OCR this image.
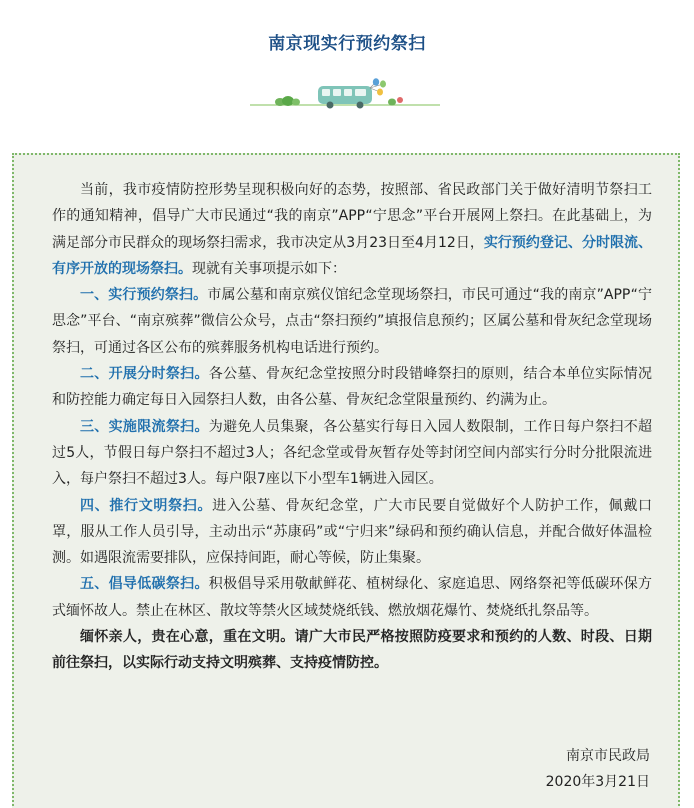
南京现实行预约祭扫

当前，我市疫情防控形势呈现积极向好的态势，按照部、省民政部门关于做好清明节祭扫工作的通知精神，倡导广大市民通过“我的南京”APP“宁思念”平台开展网上祭扫。在此基础上，为满足部分市民群众的现场祭扫需求，我市决定从3月23日至4月12日，实行预约登记、分时限流、有序开放的现场祭扫。现就有关事项提示如下：

一、实行预约祭扫。市属公墓和南京殡仪馆纪念堂现场祭扫，市民可通过“我的南京”APP“宁思念”平台、“南京殡葬”微信公众号，点击“祭扫预约”填报信息预约；区属公墓和骨灰纪念堂现场祭扫，可通过各区公布的殡葬服务机构电话进行预约。

二、开展分时祭扫。各公墓、骨灰纪念堂按照分时段错峰祭扫的原则，结合本单位实际情况和防控能力确定每日入园祭扫人数，由各公墓、骨灰纪念堂限量预约、约满为止。

三、实施限流祭扫。为避免人员集聚，各公墓实行每日入园人数限制，工作日每户祭扫不超过5人，节假日每户祭扫不超过3人；各纪念堂或骨灰暂存处等封闭空间内部实行分时分批限流进入，每户祭扫不超过3人。每户限7座以下小型车1辆进入园区。

四、推行文明祭扫。进入公墓、骨灰纪念堂，广大市民要自觉做好个人防护工作，佩戴口罩，服从工作人员引导，主动出示“苏康码”或“宁归来”绿码和预约确认信息，并配合做好体温检测。如遇限流需要排队，应保持间距，耐心等候，防止集聚。

五、倡导低碳祭扫。积极倡导采用敬献鲜花、植树绿化、家庭追思、网络祭祀等低碳环保方式缅怀故人。禁止在林区、散坟等禁火区域焚烧纸钱、燃放烟花爆竹、焚烧纸扎祭品等。

缅怀亲人，贵在心意，重在文明。请广大市民严格按照防疫要求和预约的人数、时段、日期前往祭扫，以实际行动支持文明殡葬、支持疫情防控。

南京市民政局
2020年3月21日
